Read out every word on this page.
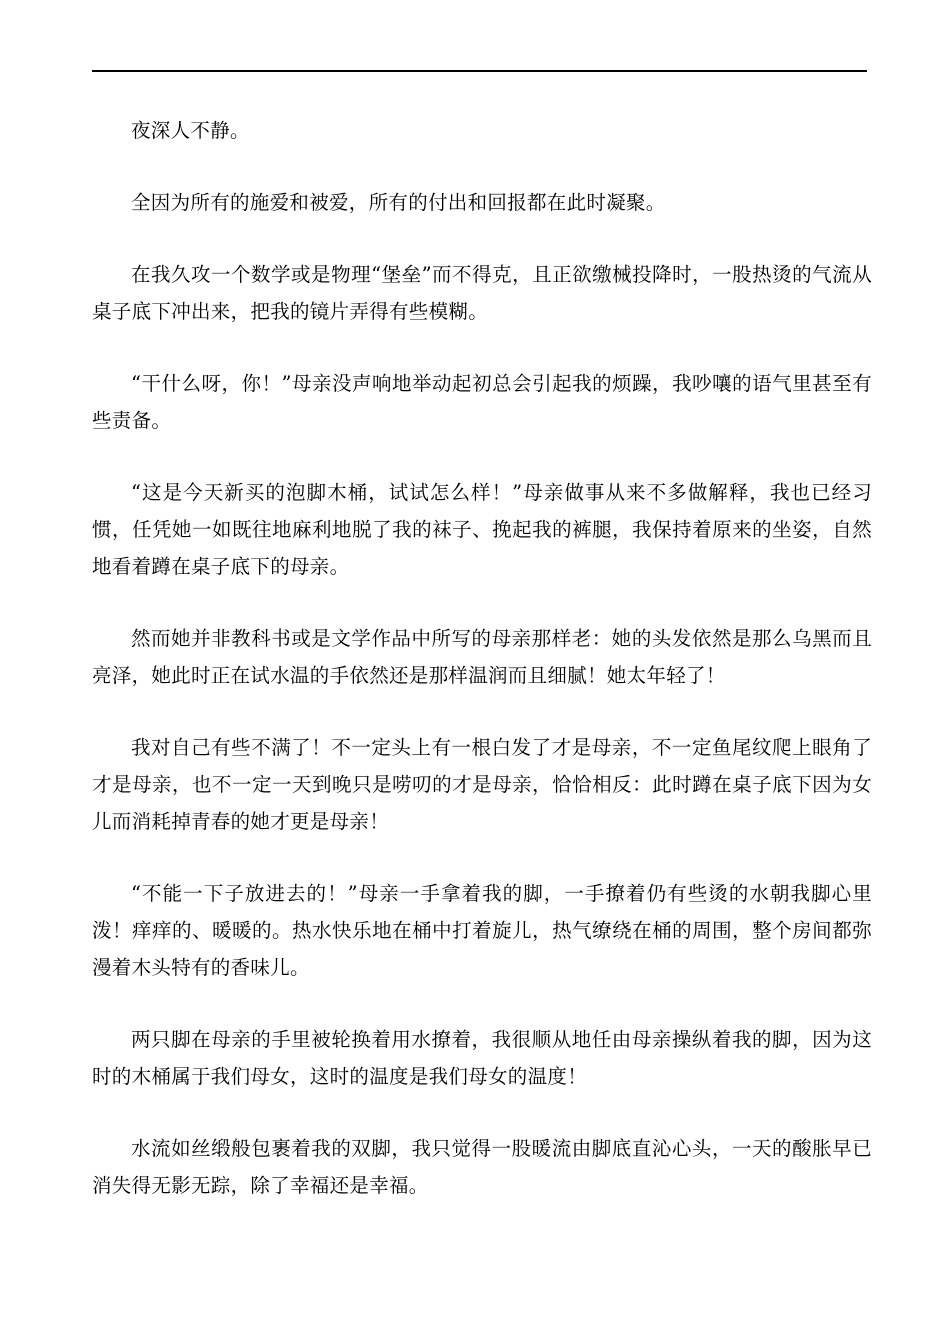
夜深人不静。

全因为所有的施爱和被爱，所有的付出和回报都在此时凝聚。

在我久攻一个数学或是物理“堡垒”而不得克，且正欲缴械投降时，一股热烫的气流从桌子底下冲出来，把我的镜片弄得有些模糊。

“干什么呀，你！”母亲没声响地举动起初总会引起我的烦躁，我吵嚷的语气里甚至有些责备。

“这是今天新买的泡脚木桶，试试怎么样！”母亲做事从来不多做解释，我也已经习惯，任凭她一如既往地麻利地脱了我的袜子、挽起我的裤腿，我保持着原来的坐姿，自然地看着蹲在桌子底下的母亲。

然而她并非教科书或是文学作品中所写的母亲那样老：她的头发依然是那么乌黑而且亮泽，她此时正在试水温的手依然还是那样温润而且细腻！她太年轻了！

我对自己有些不满了！不一定头上有一根白发了才是母亲，不一定鱼尾纹爬上眼角了才是母亲，也不一定一天到晚只是唠叨的才是母亲，恰恰相反：此时蹲在桌子底下因为女儿而消耗掉青春的她才更是母亲！

“不能一下子放进去的！”母亲一手拿着我的脚，一手撩着仍有些烫的水朝我脚心里泼！痒痒的、暖暖的。热水快乐地在桶中打着旋儿，热气缭绕在桶的周围，整个房间都弥漫着木头特有的香味儿。

两只脚在母亲的手里被轮换着用水撩着，我很顺从地任由母亲操纵着我的脚，因为这时的木桶属于我们母女，这时的温度是我们母女的温度！

水流如丝缎般包裹着我的双脚，我只觉得一股暖流由脚底直沁心头，一天的酸胀早已消失得无影无踪，除了幸福还是幸福。
